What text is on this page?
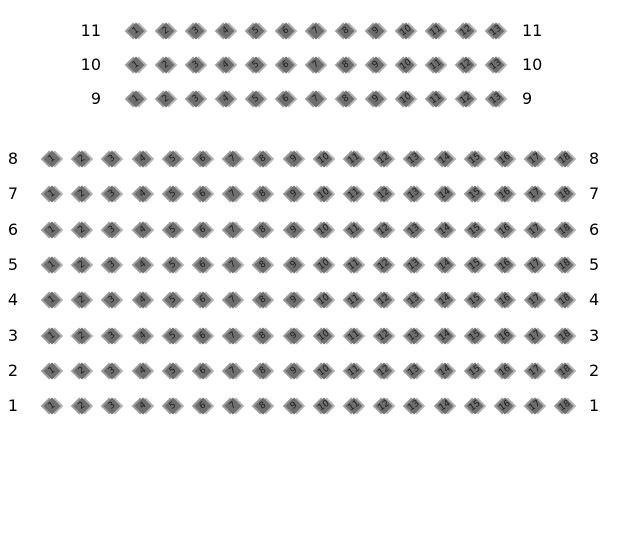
11	1	2	3	4	5	6	7	8	9	10	11	12	13	11
10	1	2	3	4	5	6	7	8	9	10	11	12	13	10
9	1	2	3	4	5	6	7	8	9	10	11	12	13	9
8	1	2	3	4	5	6	7	8	9	10	11	12	13	14	15	16	17	18	8
7	1	2	3	4	5	6	7	8	9	10	11	12	13	14	15	16	17	18	7
6	1	2	3	4	5	6	7	8	9	10	11	12	13	14	15	16	17	18	6
5	1	2	3	4	5	6	7	8	9	10	11	12	13	14	15	16	17	18	5
4	1	2	3	4	5	6	7	8	9	10	11	12	13	14	15	16	17	18	4
3	1	2	3	4	5	6	7	8	9	10	11	12	13	14	15	16	17	18	3
2	1	2	3	4	5	6	7	8	9	10	11	12	13	14	15	16	17	18	2
1	1	2	3	4	5	6	7	8	9	10	11	12	13	14	15	16	17	18	1
